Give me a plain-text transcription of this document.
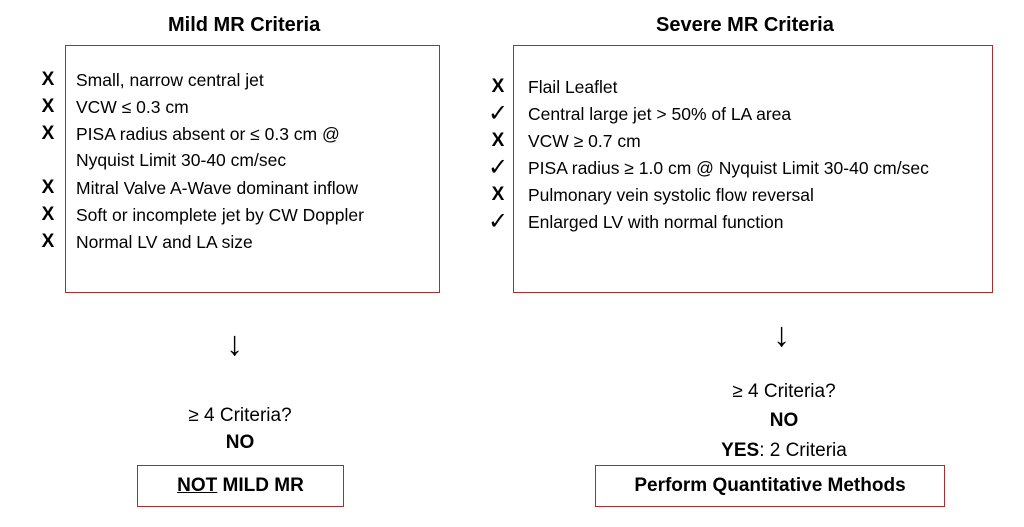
Mild MR Criteria
X	Small, narrow central jet
X	VCW ≤ 0.3 cm
X	PISA radius absent or ≤ 0.3 cm @
Nyquist Limit 30-40 cm/sec
X	Mitral Valve A-Wave dominant inflow
X	Soft or incomplete jet by CW Doppler
X	Normal LV and LA size
↓
≥ 4 Criteria?
NO
NOT MILD MR
Severe MR Criteria
X	Flail Leaflet
✓ Central large jet > 50% of LA area
X	VCW ≥ 0.7 cm
✓ PISA radius ≥ 1.0 cm @ Nyquist Limit 30-40 cm/sec
X	Pulmonary vein systolic flow reversal
✓ Enlarged LV with normal function
↓
≥ 4 Criteria?
NO
YES: 2 Criteria
Perform Quantitative Methods
